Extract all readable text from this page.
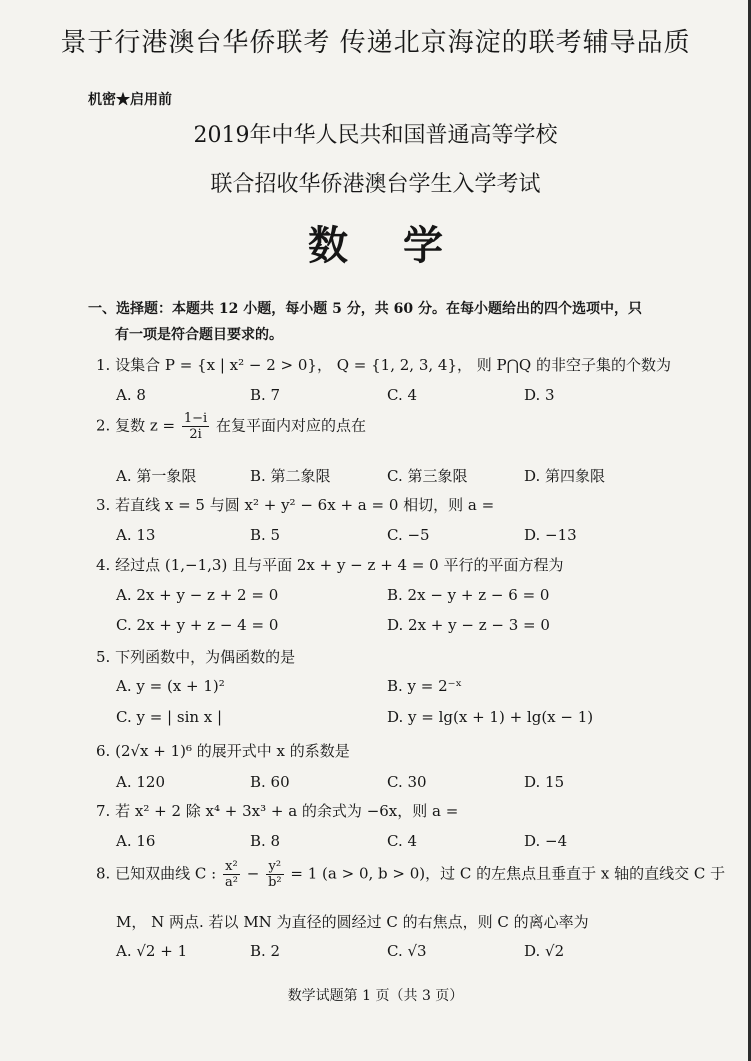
景于行港澳台华侨联考 传递北京海淀的联考辅导品质
机密★启用前
2019年中华人民共和国普通高等学校
联合招收华侨港澳台学生入学考试
数学
一、选择题：本题共 12 小题，每小题 5 分，共 60 分。在每小题给出的四个选项中，只
有一项是符合题目要求的。
1. 设集合 P = {x | x² − 2 > 0}， Q = {1, 2, 3, 4}， 则 P⋂Q 的非空子集的个数为
A. 8	B. 7	C. 4	D. 3
2. 复数 $z = \frac{1-i}{2i}$ 在复平面内对应的点在
A. 第一象限	B. 第二象限	C. 第三象限	D. 第四象限
3. 若直线 x = 5 与圆 x² + y² − 6x + a = 0 相切，则 a =
A. 13	B. 5	C. −5	D. −13
4. 经过点 (1,−1,3) 且与平面 2x + y − z + 4 = 0 平行的平面方程为
A. 2x + y − z + 2 = 0	B. 2x − y + z − 6 = 0
C. 2x + y + z − 4 = 0	D. 2x + y − z − 3 = 0
5. 下列函数中，为偶函数的是
A. y = (x + 1)²	B. y = 2⁻ˣ
C. y = | sin x |	D. y = lg(x + 1) + lg(x − 1)
6. (2√x + 1)⁶ 的展开式中 x 的系数是
A. 120	B. 60	C. 30	D. 15
7. 若 x² + 2 除 x⁴ + 3x³ + a 的余式为 −6x，则 a =
A. 16	B. 8	C. 4	D. −4
8. 已知双曲线 C : $\frac{\text{x²}}{\text{a²}} - \frac{\text{y²}}{\text{b²}} = 1$ (a > 0, b > 0)，过 C 的左焦点且垂直于 x 轴的直线交 C 于
M， N 两点. 若以 MN 为直径的圆经过 C 的右焦点，则 C 的离心率为
A. √2 + 1	B. 2	C. √3	D. √2
数学试题第 1 页（共 3 页）
